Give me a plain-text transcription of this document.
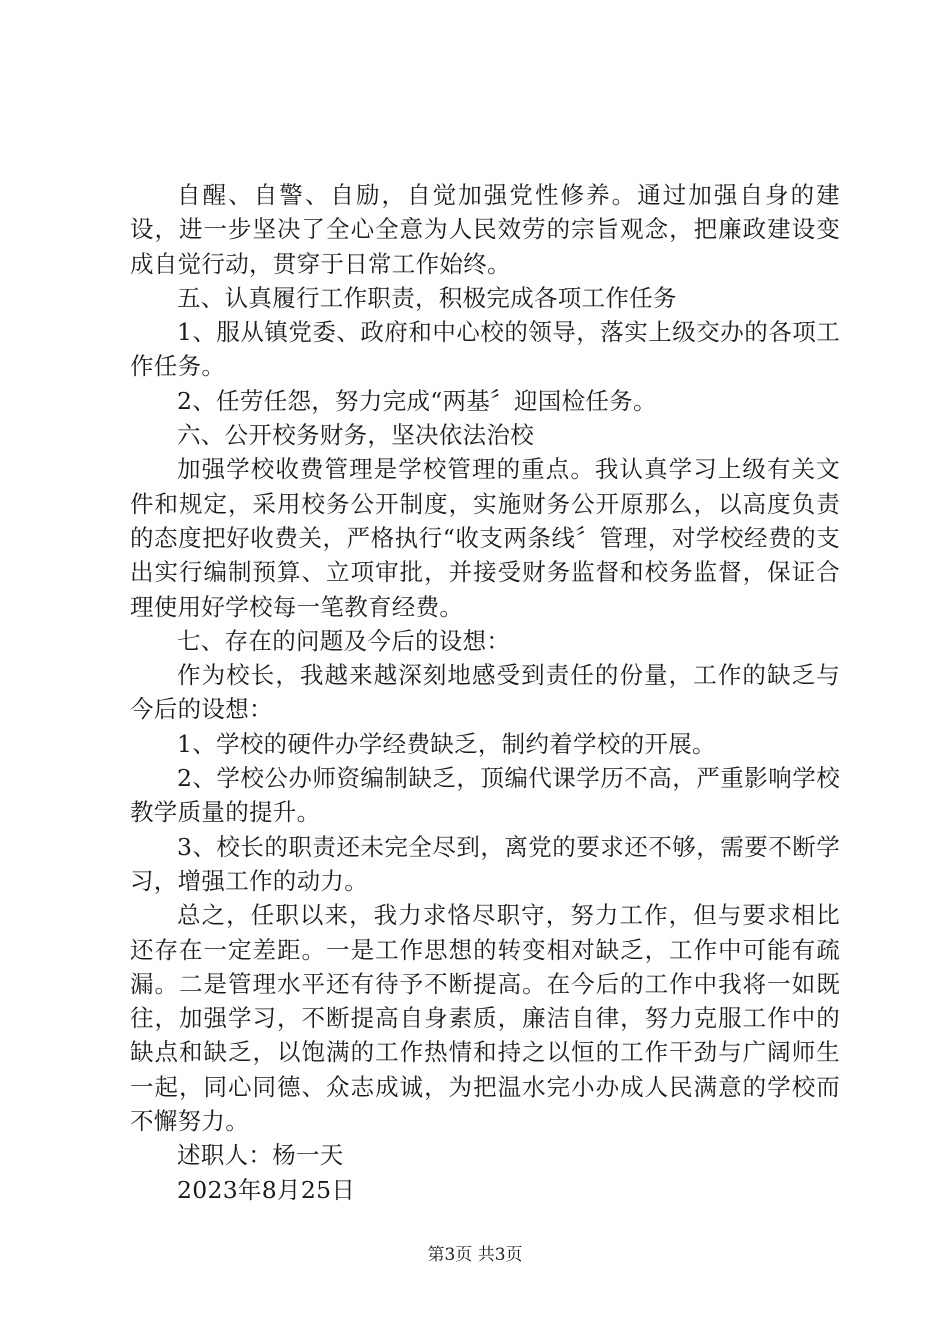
自醒、自警、自励，自觉加强党性修养。通过加强自身的建设，进一步坚决了全心全意为人民效劳的宗旨观念，把廉政建设变成自觉行动，贯穿于日常工作始终。

五、认真履行工作职责，积极完成各项工作任务

1、服从镇党委、政府和中心校的领导，落实上级交办的各项工作任务。

2、任劳任怨，努力完成“两基〞迎国检任务。

六、公开校务财务，坚决依法治校

加强学校收费管理是学校管理的重点。我认真学习上级有关文件和规定，采用校务公开制度，实施财务公开原那么，以高度负责的态度把好收费关，严格执行“收支两条线〞管理，对学校经费的支出实行编制预算、立项审批，并接受财务监督和校务监督，保证合理使用好学校每一笔教育经费。

七、存在的问题及今后的设想：

作为校长，我越来越深刻地感受到责任的份量，工作的缺乏与今后的设想：

1、学校的硬件办学经费缺乏，制约着学校的开展。

2、学校公办师资编制缺乏，顶编代课学历不高，严重影响学校教学质量的提升。

3、校长的职责还未完全尽到，离党的要求还不够，需要不断学习，增强工作的动力。

总之，任职以来，我力求恪尽职守，努力工作，但与要求相比还存在一定差距。一是工作思想的转变相对缺乏，工作中可能有疏漏。二是管理水平还有待予不断提高。在今后的工作中我将一如既往，加强学习，不断提高自身素质，廉洁自律，努力克服工作中的缺点和缺乏，以饱满的工作热情和持之以恒的工作干劲与广阔师生一起，同心同德、众志成诚，为把温水完小办成人民满意的学校而不懈努力。

述职人：杨一天

2023年8月25日

第3页 共3页
